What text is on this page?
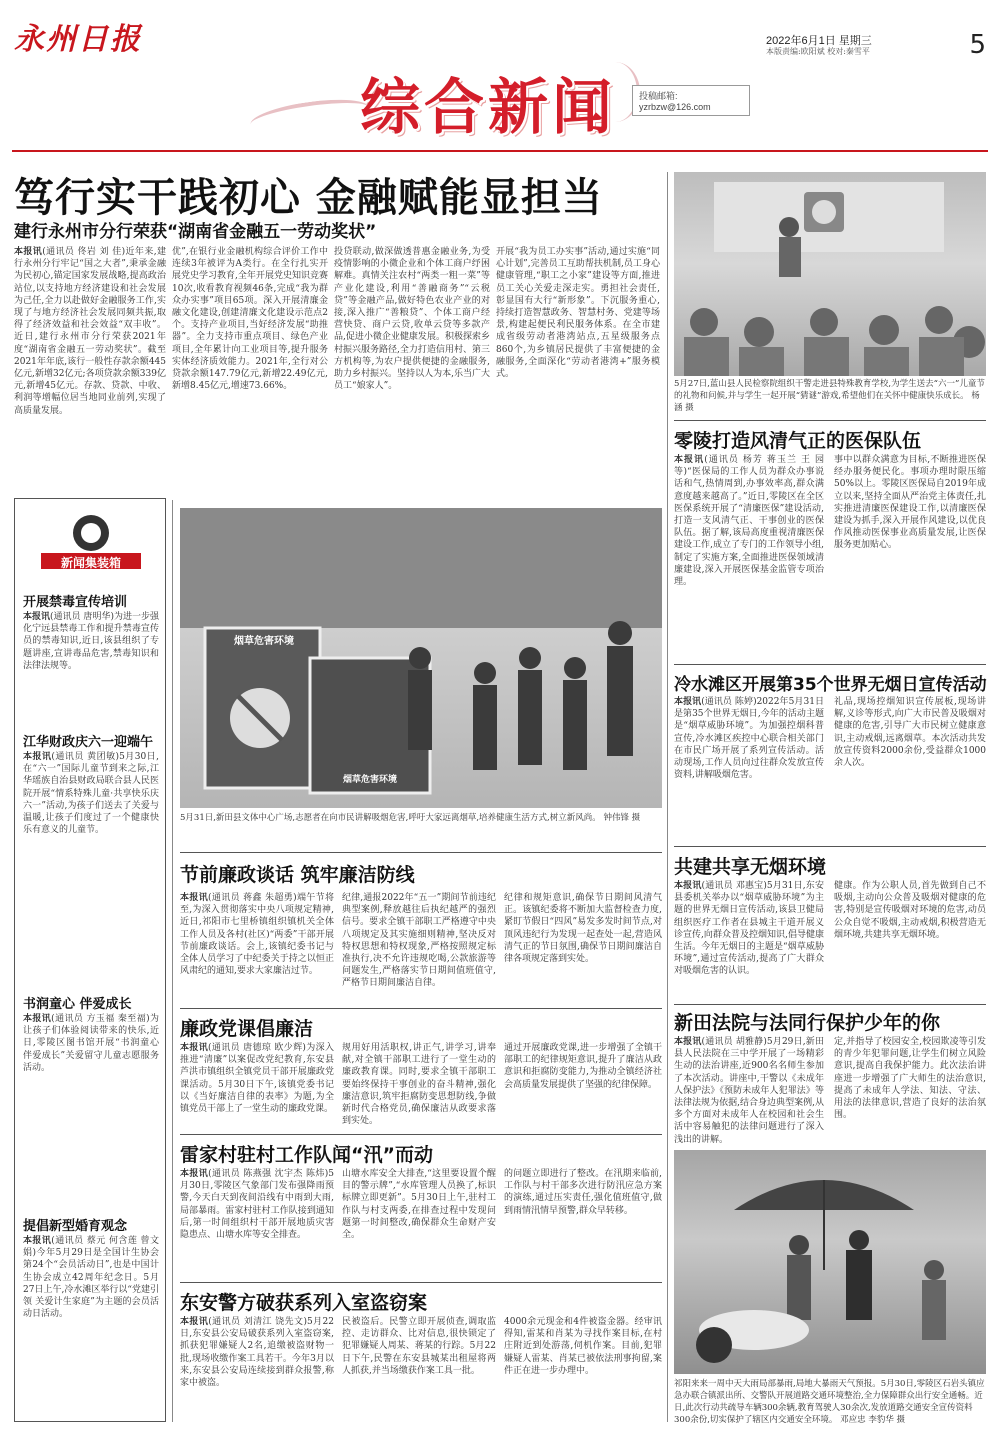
永州日报	5
2022年6月1日 星期三
本版责编:欧阳斌 校对:秦雪平
综合新闻	投稿邮箱: yzrbzw@126.com
笃行实干践初心 金融赋能显担当
建行永州市分行荣获“湖南省金融五一劳动奖状”
本报讯(通讯员 佟岩 刘 佳)近年来,建行永州分行牢记“国之大者”,秉承金融为民初心,锚定国家发展战略,提高政治站位,以支持地方经济建设和社会发展为己任,全力以赴做好金融服务工作,实现了与地方经济社会发展同频共振,取得了经济效益和社会效益“双丰收”。近日,建行永州市分行荣获2021年度“湖南省金融五一劳动奖状”。截至2021年年底,该行一般性存款余额445亿元,新增32亿元;各项贷款余额339亿元,新增45亿元。存款、贷款、中收、利润等增幅位居当地同业前列,实现了高质量发展。
优”,在银行业金融机构综合评价工作中连续3年被评为A类行。在全行扎实开展党史学习教育,全年开展党史知识竞赛10次,收看教育视频46条,完成“我为群众办实事”项目65项。深入开展清廉金融文化建设,创建清廉文化建设示范点2个。支持产业项目,当好经济发展“助推器”。全力支持市重点项目、绿色产业项目,全年累计向工业项目等,提升服务实体经济质效能力。2021年,全行对公贷款余额147.79亿元,新增22.49亿元,新增8.45亿元,增速73.66%。
投贷联动,做深做透普惠金融业务,为受疫情影响的小微企业和个体工商户纾困解难。真情关注农村“两类一粗一菜”等产业化建设,利用“善融商务”“云税贷”等金融产品,做好特色农业产业的对接,深入推广“善粮贷”、个体工商户经营快贷、商户云贷,收单云贷等多款产品,促进小微企业健康发展。积极探索乡村振兴服务路径,全力打造信用村、第三方机构等,为农户提供便捷的金融服务,助力乡村振兴。坚持以人为本,乐当广大员工“娘家人”。
开展“我为员工办实事”活动,通过实施“同心计划”,完善员工互助帮扶机制,员工身心健康管理,“职工之小家”建设等方面,推进员工关心关爱走深走实。勇担社会责任,彰显国有大行“新形象”。下沉服务重心,持续打造智慧政务、智慧村务、党建等场景,构建起便民利民服务体系。在全市建成省级劳动者港湾站点,五星级服务点860个,为乡镇居民提供了丰富便捷的金融服务,全面深化“劳动者港湾+”服务模式。
5月27日,蓝山县人民检察院组织干警走进县特殊教育学校,为学生送去“六一”儿童节的礼物和问候,并与学生一起开展“猜谜”游戏,希望他们在关怀中健康快乐成长。 杨涵 摄
零陵打造风清气正的医保队伍
本报讯(通讯员 杨芳 蒋玉兰 王 园等)“医保局的工作人员为群众办事说话和气,热情周到,办事效率高,群众满意度越来越高了。”近日,零陵区在全区医保系统开展了“清廉医保”建设活动,打造一支风清气正、干事创业的医保队伍。据了解,该局高度重视清廉医保建设工作,成立了专门的工作领导小组,制定了实施方案,全面推进医保领域清廉建设,深入开展医保基金监管专项治理。
事中以群众满意为目标,不断推进医保经办服务便民化。事项办理时限压缩50%以上。零陵区医保局自2019年成立以来,坚持全面从严治党主体责任,扎实推进清廉医保建设工作,以清廉医保建设为抓手,深入开展作风建设,以优良作风推动医保事业高质量发展,让医保服务更加贴心。
冷水滩区开展第35个世界无烟日宣传活动
本报讯(通讯员 陈婷)2022年5月31日是第35个世界无烟日,今年的活动主题是“烟草威胁环境”。为加强控烟科普宣传,冷水滩区疾控中心联合相关部门在市民广场开展了系列宣传活动。活动现场,工作人员向过往群众发放宣传资料,讲解吸烟危害。
礼品,现场控烟知识宣传展板,现场讲解,义诊等形式,向广大市民普及吸烟对健康的危害,引导广大市民树立健康意识,主动戒烟,远离烟草。本次活动共发放宣传资料2000余份,受益群众1000余人次。
共建共享无烟环境
本报讯(通讯员 邓惠宝)5月31日,东安县委机关举办以“烟草威胁环境”为主题的世界无烟日宣传活动,该县卫健局组织医疗工作者在县城主干道开展义诊宣传,向群众普及控烟知识,倡导健康生活。今年无烟日的主题是“烟草威胁环境”,通过宣传活动,提高了广大群众对吸烟危害的认识。
健康。作为公职人员,首先做到自己不吸烟,主动向公众普及吸烟对健康的危害,特别是宣传吸烟对环境的危害,动员公众自觉不吸烟,主动戒烟,积极营造无烟环境,共建共享无烟环境。
新田法院与法同行保护少年的你
本报讯(通讯员 胡雅静)5月29日,新田县人民法院在三中学开展了一场精彩生动的法治讲座,近900名名师生参加了本次活动。讲座中,干警以《未成年人保护法》《预防未成年人犯罪法》等法律法规为依据,结合身边典型案例,从多个方面对未成年人在校园和社会生活中容易触犯的法律问题进行了深入浅出的讲解。
定,并指导了校园安全,校园欺凌等引发的青少年犯罪问题,让学生们树立风险意识,提高自我保护能力。此次法治讲座进一步增强了广大师生的法治意识,提高了未成年人学法、知法、守法、用法的法律意识,营造了良好的法治氛围。
祁阳来来一周中天大雨局部暴雨,局地大暴雨天气预报。5月30日,零陵区石岩头镇应急办联合镇派出所、交警队开展道路交通环境整治,全力保障群众出行安全通畅。近日,此次行动共疏导车辆300余辆,教育驾驶人30余次,发放道路交通安全宣传资料300余份,切实保护了辖区内交通安全环境。 邓应忠 李豹华 摄
烟草危害环境
烟草危害环境
5月31日,新田县文体中心广场,志愿者在向市民讲解吸烟危害,呼吁大家远离烟草,培养健康生活方式,树立新风尚。 钟伟锋 摄
节前廉政谈话 筑牢廉洁防线
本报讯(通讯员 蒋鑫 朱超勇)端午节将至,为深入贯彻落实中央八项规定精神,近日,祁阳市七里桥镇组织镇机关全体工作人员及各村(社区)“两委”干部开展节前廉政谈话。会上,该镇纪委书记与全体人员学习了中纪委关于持之以恒正风肃纪的通知,要求大家廉洁过节。
纪律,通报2022年“五一”期间节前违纪典型案例,释放越往后执纪越严的强烈信号。要求全镇干部职工严格遵守中央八项规定及其实施细则精神,坚决反对特权思想和特权现象,严格按照规定标准执行,决不允许违规吃喝,公款旅游等问题发生,严格落实节日期间值班值守,严格节日期间廉洁自律。
纪律和规矩意识,确保节日期间风清气正。该镇纪委将不断加大监督检查力度,紧盯节假日“四风”易发多发时间节点,对顶风违纪行为发现一起查处一起,营造风清气正的节日氛围,确保节日期间廉洁自律各项规定落到实处。
廉政党课倡廉洁
本报讯(通讯员 唐德琼 欧少辉)为深入推进“清廉”以案促改党纪教育,东安县芦洪市镇组织全镇党员干部开展廉政党课活动。5月30日下午,该镇党委书记以《当好廉洁自律的表率》为题,为全镇党员干部上了一堂生动的廉政党课。
规用好用活职权,讲正气,讲学习,讲奉献,对全镇干部职工进行了一堂生动的廉政教育课。同时,要求全镇干部职工要始终保持干事创业的奋斗精神,强化廉洁意识,筑牢拒腐防变思想防线,争做新时代合格党员,确保廉洁从政要求落到实处。
通过开展廉政党课,进一步增强了全镇干部职工的纪律规矩意识,提升了廉洁从政意识和拒腐防变能力,为推动全镇经济社会高质量发展提供了坚强的纪律保障。
雷家村驻村工作队闻“汛”而动
本报讯(通讯员 陈燕强 沈宇杰 陈炜)5月30日,零陵区气象部门发布强降雨预警,今天白天到夜间沿线有中雨到大雨,局部暴雨。雷家村驻村工作队接到通知后,第一时间组织村干部开展地质灾害隐患点、山塘水库等安全排查。
山塘水库安全大排查,“这里要设置个醒目的警示牌”,“水库管理人员换了,标识标牌立即更新”。5月30日上午,驻村工作队与村支两委,在排查过程中发现问题第一时间整改,确保群众生命财产安全。
的问题立即进行了整改。在汛期来临前,工作队与村干部多次进行防汛应急方案的演练,通过压实责任,强化值班值守,做到雨情汛情早预警,群众早转移。
东安警方破获系列入室盗窃案
本报讯(通讯员 刘清江 饶先文)5月22日,东安县公安局破获系列入室盗窃案,抓获犯罪嫌疑人2名,追缴被盗财物一批,现场收缴作案工具若干。今年3月以来,东安县公安局连续接到群众报警,称家中被盗。
民被盗后。民警立即开展侦查,调取监控、走访群众、比对信息,很快锁定了犯罪嫌疑人周某、蒋某的行踪。5月22日下午,民警在东安县城某出租屋将两人抓获,并当场缴获作案工具一批。
4000余元现金和4件被盗金器。经审讯得知,雷某和肖某为寻找作案目标,在村庄附近到处游荡,伺机作案。目前,犯罪嫌疑人雷某、肖某已被依法刑事拘留,案件正在进一步办理中。
新闻集装箱
开展禁毒宣传培训
本报讯(通讯员 唐明华)为进一步强化宁远县禁毒工作和提升禁毒宣传员的禁毒知识,近日,该县组织了专题讲座,宣讲毒品危害,禁毒知识和法律法规等。
江华财政庆六一迎端午
本报讯(通讯员 黄团敏)5月30日,在“六一”国际儿童节到来之际,江华瑶族自治县财政局联合县人民医院开展“情系特殊儿童·共享快乐庆六一”活动,为孩子们送去了关爱与温暖,让孩子们度过了一个健康快乐有意义的儿童节。
书润童心 伴爱成长
本报讯(通讯员 方玉福 秦至福)为让孩子们体验阅读带来的快乐,近日,零陵区图书馆开展“书润童心 伴爱成长”关爱留守儿童志愿服务活动。
提倡新型婚育观念
本报讯(通讯员 蔡元 何含莲 曾文娟)今年5月29日是全国计生协会第24个“会员活动日”,也是中国计生协会成立42周年纪念日。5月27日上午,冷水滩区举行以“党建引领 关爱计生家庭”为主题的会员活动日活动。
